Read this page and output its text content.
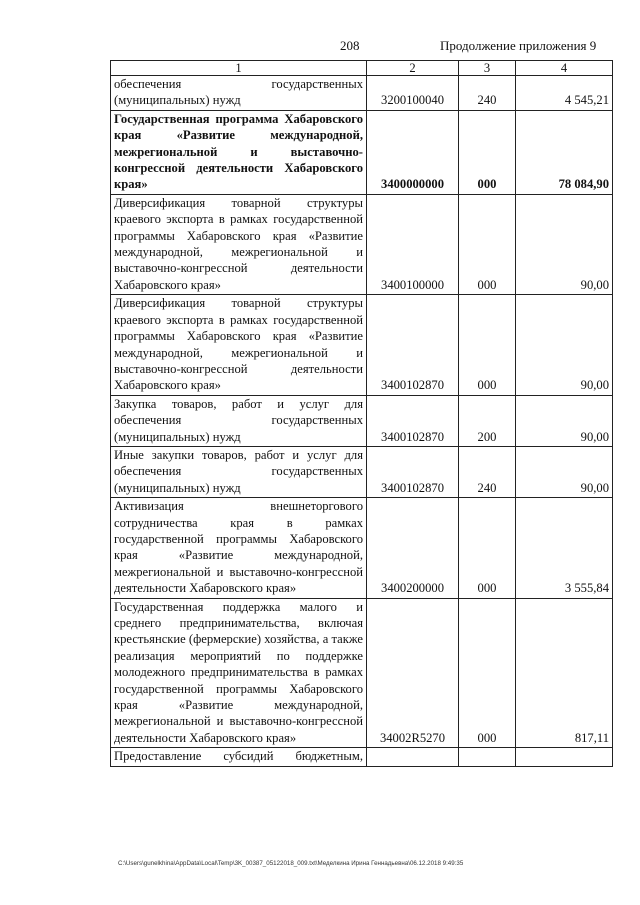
208	Продолжение приложения 9
1	2	3	4
обеспечения государственных (муниципальных) нужд	3200100040	240	4 545,21
Государственная программа Хабаровского края «Развитие международной, межрегиональной и выставочно-конгрессной деятельности Хабаровского края»	3400000000	000	78 084,90
Диверсификация товарной структуры краевого экспорта в рамках государственной программы Хабаровского края «Развитие международной, межрегиональной и выставочно-конгрессной деятельности Хабаровского края»	3400100000	000	90,00
Диверсификация товарной структуры краевого экспорта в рамках государственной программы Хабаровского края «Развитие международной, межрегиональной и выставочно-конгрессной деятельности Хабаровского края»	3400102870	000	90,00
Закупка товаров, работ и услуг для обеспечения государственных (муниципальных) нужд	3400102870	200	90,00
Иные закупки товаров, работ и услуг для обеспечения государственных (муниципальных) нужд	3400102870	240	90,00
Активизация внешнеторгового сотрудничества края в рамках государственной программы Хабаровского края «Развитие международной, межрегиональной и выставочно-конгрессной деятельности Хабаровского края»	3400200000	000	3 555,84
Государственная поддержка малого и среднего предпринимательства, включая крестьянские (фермерские) хозяйства, а также реализация мероприятий по поддержке молодежного предпринимательства в рамках государственной программы Хабаровского края «Развитие международной, межрегиональной и выставочно-конгрессной деятельности Хабаровского края»	34002R5270	000	817,11
Предоставление субсидий бюджетным,			
C:\Users\gunelkhina\AppData\Local\Temp\3K_00387_05122018_009.txt\Меделкина Ирина Геннадьевна\06.12.2018 9:49:35
